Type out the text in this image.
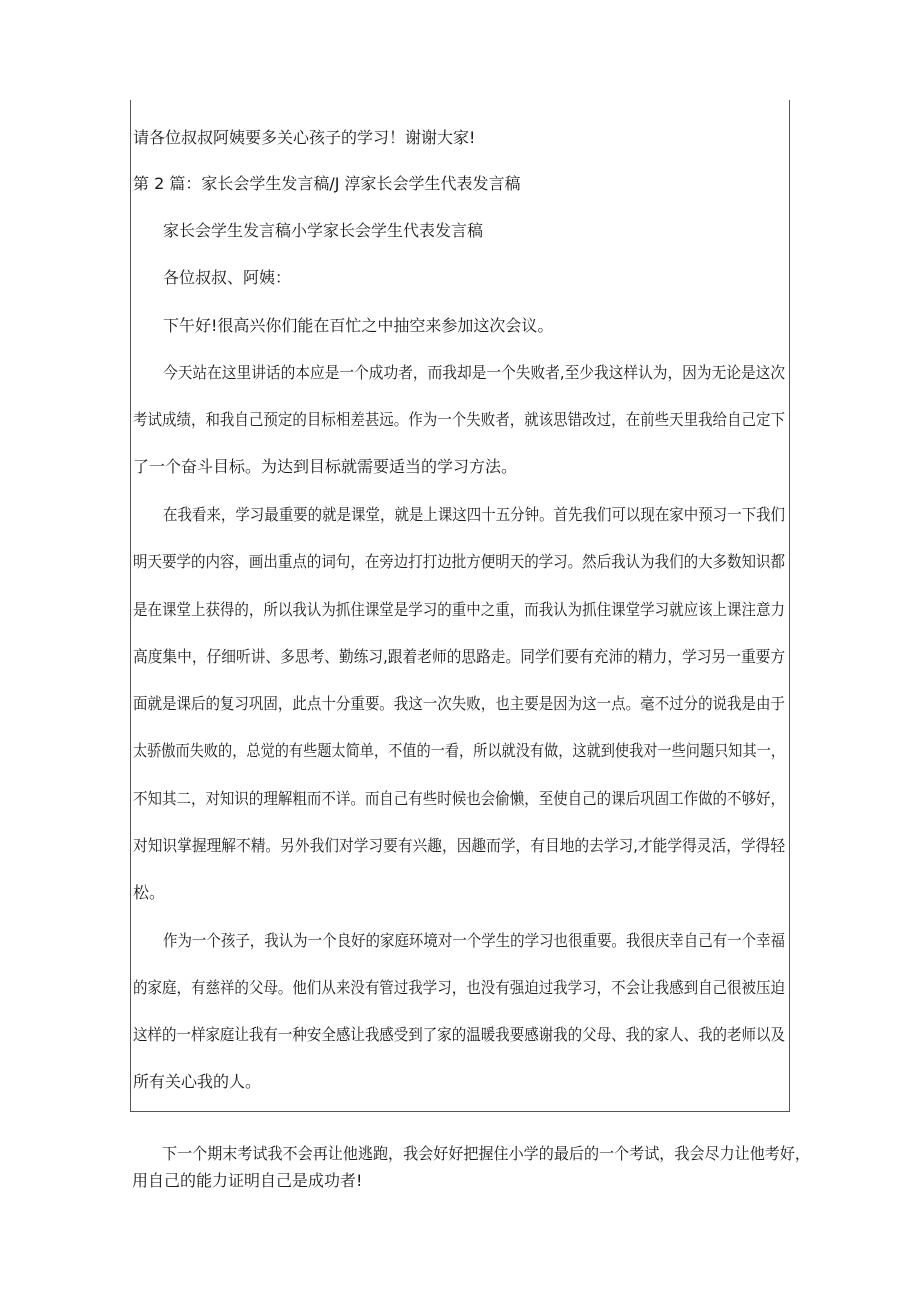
请各位叔叔阿姨要多关心孩子的学习！谢谢大家!
第 2 篇：家长会学生发言稿/J 淳家长会学生代表发言稿
家长会学生发言稿小学家长会学生代表发言稿
各位叔叔、阿姨：
下午好!很高兴你们能在百忙之中抽空来参加这次会议。
今天站在这里讲话的本应是一个成功者，而我却是一个失败者,至少我这样认为，因为无论是这次
考试成绩，和我自己预定的目标相差甚远。作为一个失败者，就该思错改过，在前些天里我给自己定下
了一个奋斗目标。为达到目标就需要适当的学习方法。
在我看来，学习最重要的就是课堂，就是上课这四十五分钟。首先我们可以现在家中预习一下我们
明天要学的内容，画出重点的词句，在旁边打打边批方便明天的学习。然后我认为我们的大多数知识都
是在课堂上获得的，所以我认为抓住课堂是学习的重中之重，而我认为抓住课堂学习就应该上课注意力
高度集中，仔细听讲、多思考、勤练习,跟着老师的思路走。同学们要有充沛的精力，学习另一重要方
面就是课后的复习巩固，此点十分重要。我这一次失败，也主要是因为这一点。毫不过分的说我是由于
太骄傲而失败的，总觉的有些题太简单，不值的一看，所以就没有做，这就到使我对一些问题只知其一，
不知其二，对知识的理解粗而不详。而自己有些时候也会偷懒，至使自己的课后巩固工作做的不够好，
对知识掌握理解不精。另外我们对学习要有兴趣，因趣而学，有目地的去学习,才能学得灵活，学得轻
松。
作为一个孩子，我认为一个良好的家庭环境对一个学生的学习也很重要。我很庆幸自己有一个幸福
的家庭，有慈祥的父母。他们从来没有管过我学习，也没有强迫过我学习，不会让我感到自己很被压迫
这样的一样家庭让我有一种安全感让我感受到了家的温暖我要感谢我的父母、我的家人、我的老师以及
所有关心我的人。
下一个期末考试我不会再让他逃跑，我会好好把握住小学的最后的一个考试，我会尽力让他考好，
用自己的能力证明自己是成功者!
